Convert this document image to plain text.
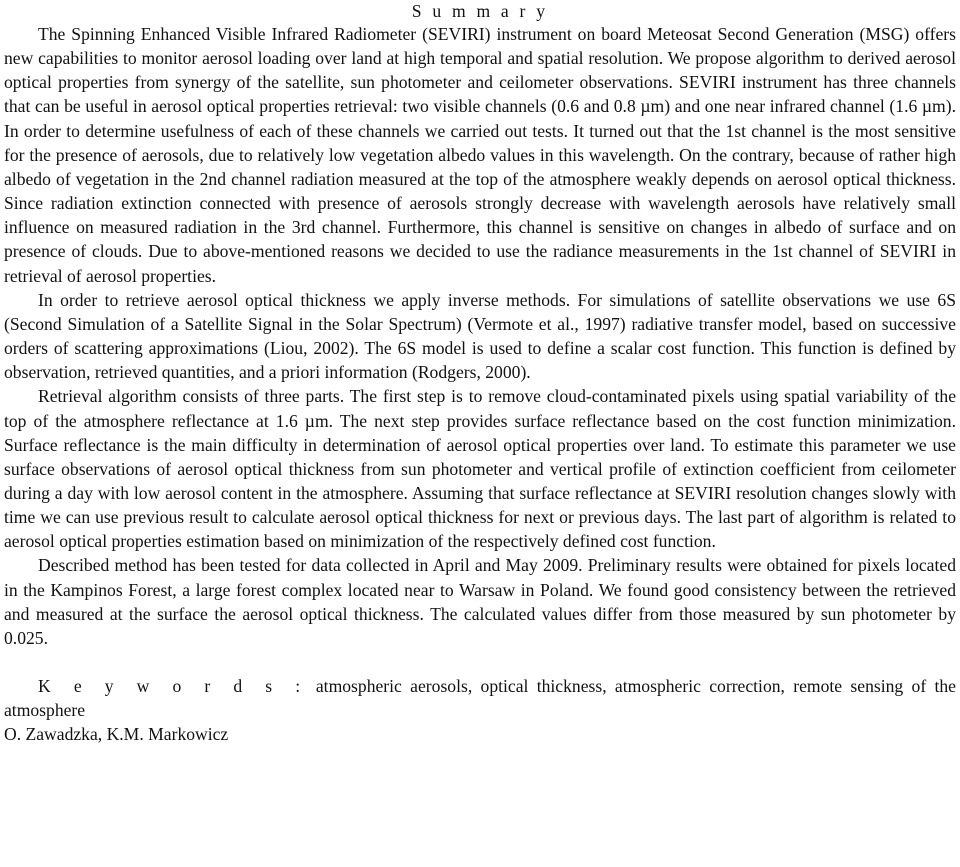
S u m m a r y

The Spinning Enhanced Visible Infrared Radiometer (SEVIRI) instrument on board Meteosat Second Generation (MSG) offers new capabilities to monitor aerosol loading over land at high temporal and spatial resolution. We propose algorithm to derived aerosol optical properties from synergy of the satellite, sun photometer and ceilometer observations. SEVIRI instrument has three channels that can be useful in aerosol optical properties retrieval: two visible channels (0.6 and 0.8 µm) and one near infrared channel (1.6 µm). In order to determine usefulness of each of these channels we carried out tests. It turned out that the 1st channel is the most sensitive for the presence of aerosols, due to relatively low vegetation albedo values in this wavelength. On the contrary, because of rather high albedo of vegetation in the 2nd channel radiation measured at the top of the atmosphere weakly depends on aerosol optical thickness. Since radiation extinction connected with presence of aerosols strongly decrease with wavelength aerosols have relatively small influence on measured radiation in the 3rd channel. Furthermore, this channel is sensitive on changes in albedo of surface and on presence of clouds. Due to above-mentioned reasons we decided to use the radiance measurements in the 1st channel of SEVIRI in retrieval of aerosol properties.

In order to retrieve aerosol optical thickness we apply inverse methods. For simulations of satellite observations we use 6S (Second Simulation of a Satellite Signal in the Solar Spectrum) (Vermote et al., 1997) radiative transfer model, based on successive orders of scattering approximations (Liou, 2002). The 6S model is used to define a scalar cost function. This function is defined by observation, retrieved quantities, and a priori information (Rodgers, 2000).

Retrieval algorithm consists of three parts. The first step is to remove cloud-contaminated pixels using spatial variability of the top of the atmosphere reflectance at 1.6 µm. The next step provides surface reflectance based on the cost function minimization. Surface reflectance is the main difficulty in determination of aerosol optical properties over land. To estimate this parameter we use surface observations of aerosol optical thickness from sun photometer and vertical profile of extinction coefficient from ceilometer during a day with low aerosol content in the atmosphere. Assuming that surface reflectance at SEVIRI resolution changes slowly with time we can use previous result to calculate aerosol optical thickness for next or previous days. The last part of algorithm is related to aerosol optical properties estimation based on minimization of the respectively defined cost function.

Described method has been tested for data collected in April and May 2009. Preliminary results were obtained for pixels located in the Kampinos Forest, a large forest complex located near to Warsaw in Poland. We found good consistency between the retrieved and measured at the surface the aerosol optical thickness. The calculated values differ from those measured by sun photometer by 0.025.

K e y w o r d s : atmospheric aerosols, optical thickness, atmospheric correction, remote sensing of the atmosphere

O. Zawadzka, K.M. Markowicz
